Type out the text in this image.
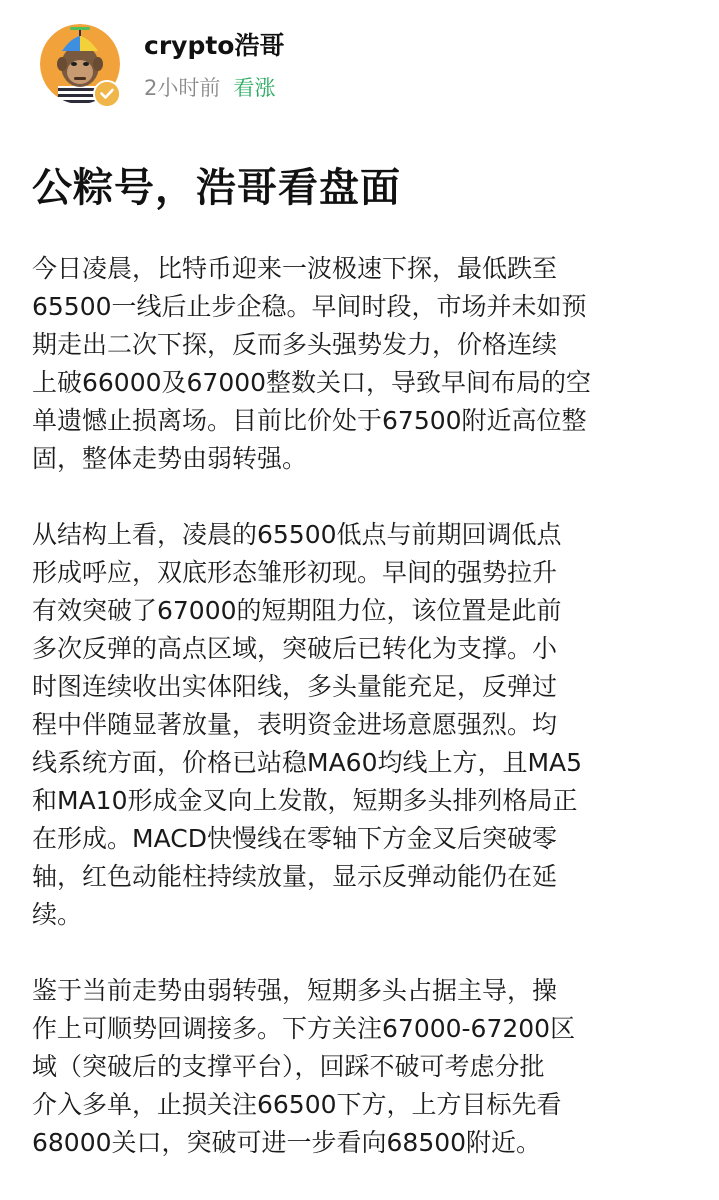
crypto浩哥
2小时前 看涨
公粽号，浩哥看盘面

今日凌晨，比特币迎来一波极速下探，最低跌至
65500一线后止步企稳。早间时段，市场并未如预
期走出二次下探，反而多头强势发力，价格连续
上破66000及67000整数关口，导致早间布局的空
单遗憾止损离场。目前比价处于67500附近高位整
固，整体走势由弱转强。

从结构上看，凌晨的65500低点与前期回调低点
形成呼应，双底形态雏形初现。早间的强势拉升
有效突破了67000的短期阻力位，该位置是此前
多次反弹的高点区域，突破后已转化为支撑。小
时图连续收出实体阳线，多头量能充足，反弹过
程中伴随显著放量，表明资金进场意愿强烈。均
线系统方面，价格已站稳MA60均线上方，且MA5
和MA10形成金叉向上发散，短期多头排列格局正
在形成。MACD快慢线在零轴下方金叉后突破零
轴，红色动能柱持续放量，显示反弹动能仍在延
续。

鉴于当前走势由弱转强，短期多头占据主导，操
作上可顺势回调接多。下方关注67000-67200区
域（突破后的支撑平台），回踩不破可考虑分批
介入多单，止损关注66500下方，上方目标先看
68000关口，突破可进一步看向68500附近。
